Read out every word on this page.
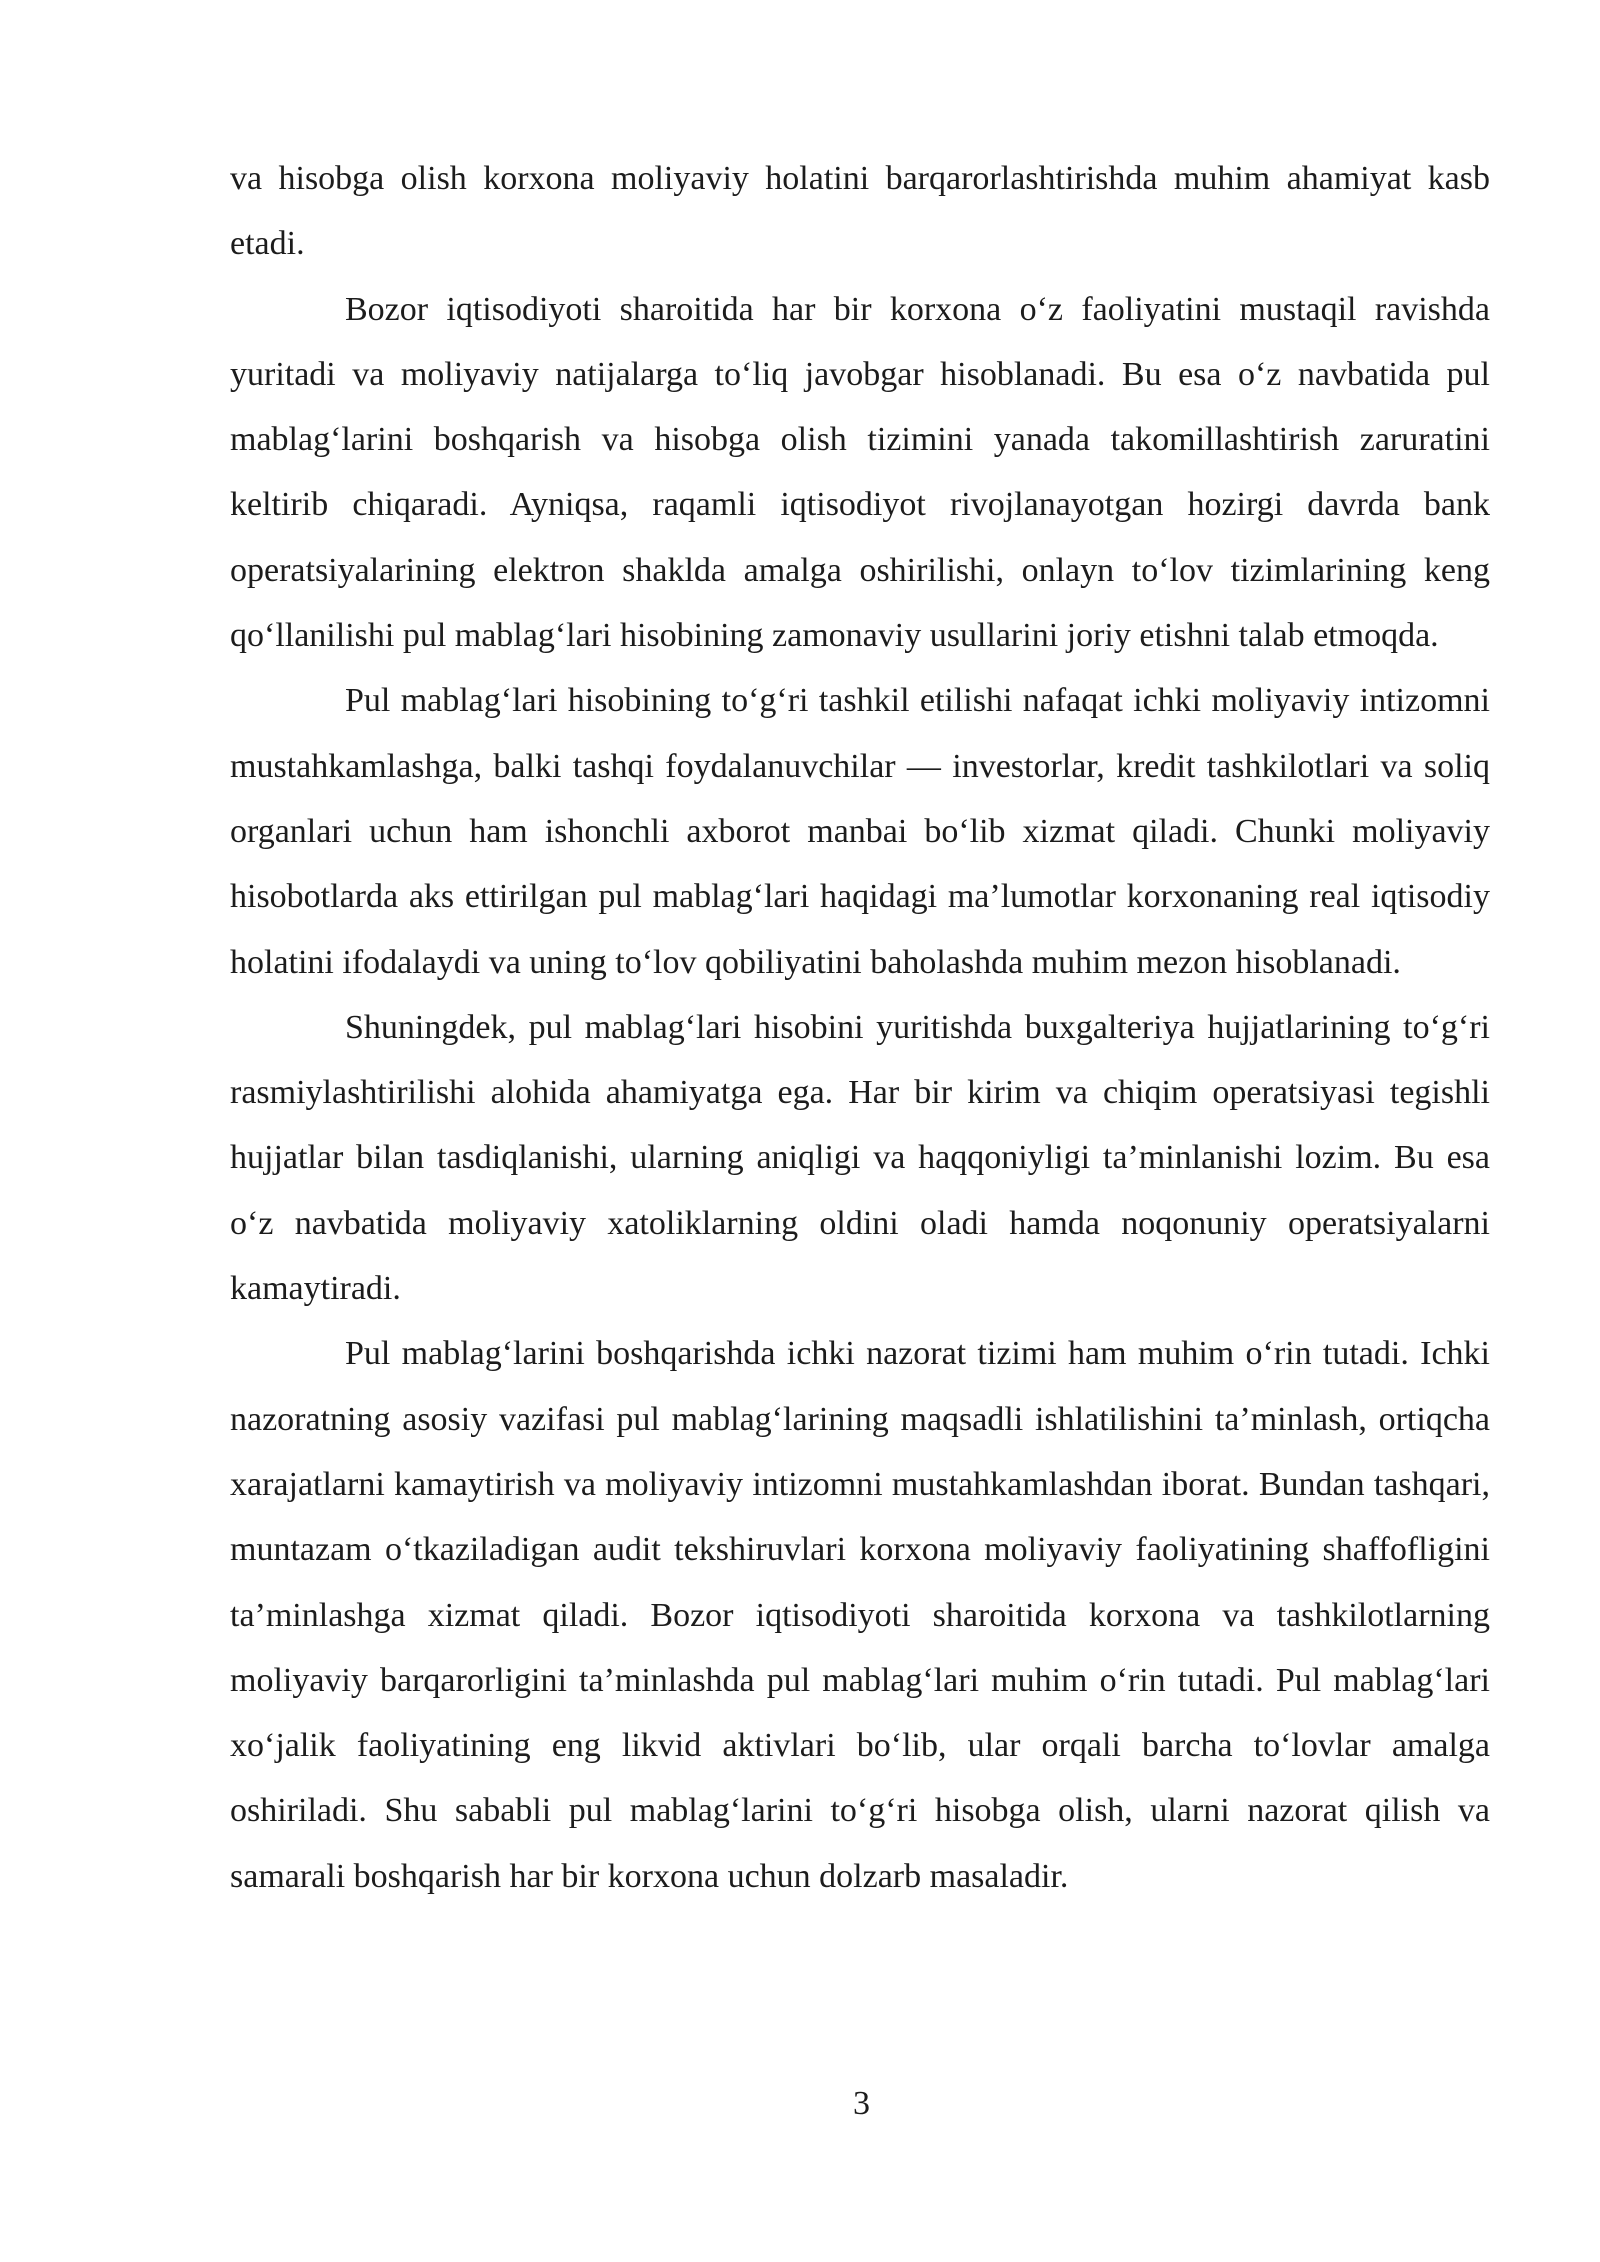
va hisobga olish korxona moliyaviy holatini barqarorlashtirishda muhim ahamiyat kasb etadi.

Bozor iqtisodiyoti sharoitida har bir korxona o‘z faoliyatini mustaqil ravishda yuritadi va moliyaviy natijalarga to‘liq javobgar hisoblanadi. Bu esa o‘z navbatida pul mablag‘larini boshqarish va hisobga olish tizimini yanada takomillashtirish zaruratini keltirib chiqaradi. Ayniqsa, raqamli iqtisodiyot rivojlanayotgan hozirgi davrda bank operatsiyalarining elektron shaklda amalga oshirilishi, onlayn to‘lov tizimlarining keng qo‘llanilishi pul mablag‘lari hisobining zamonaviy usullarini joriy etishni talab etmoqda.

Pul mablag‘lari hisobining to‘g‘ri tashkil etilishi nafaqat ichki moliyaviy intizomni mustahkamlashga, balki tashqi foydalanuvchilar — investorlar, kredit tashkilotlari va soliq organlari uchun ham ishonchli axborot manbai bo‘lib xizmat qiladi. Chunki moliyaviy hisobotlarda aks ettirilgan pul mablag‘lari haqidagi ma’lumotlar korxonaning real iqtisodiy holatini ifodalaydi va uning to‘lov qobiliyatini baholashda muhim mezon hisoblanadi.

Shuningdek, pul mablag‘lari hisobini yuritishda buxgalteriya hujjatlarining to‘g‘ri rasmiylashtirilishi alohida ahamiyatga ega. Har bir kirim va chiqim operatsiyasi tegishli hujjatlar bilan tasdiqlanishi, ularning aniqligi va haqqoniyligi ta’minlanishi lozim. Bu esa o‘z navbatida moliyaviy xatoliklarning oldini oladi hamda noqonuniy operatsiyalarni kamaytiradi.

Pul mablag‘larini boshqarishda ichki nazorat tizimi ham muhim o‘rin tutadi. Ichki nazoratning asosiy vazifasi pul mablag‘larining maqsadli ishlatilishini ta’minlash, ortiqcha xarajatlarni kamaytirish va moliyaviy intizomni mustahkamlashdan iborat. Bundan tashqari, muntazam o‘tkaziladigan audit tekshiruvlari korxona moliyaviy faoliyatining shaffofligini ta’minlashga xizmat qiladi. Bozor iqtisodiyoti sharoitida korxona va tashkilotlarning moliyaviy barqarorligini ta’minlashda pul mablag‘lari muhim o‘rin tutadi. Pul mablag‘lari xo‘jalik faoliyatining eng likvid aktivlari bo‘lib, ular orqali barcha to‘lovlar amalga oshiriladi. Shu sababli pul mablag‘larini to‘g‘ri hisobga olish, ularni nazorat qilish va samarali boshqarish har bir korxona uchun dolzarb masaladir.

3
